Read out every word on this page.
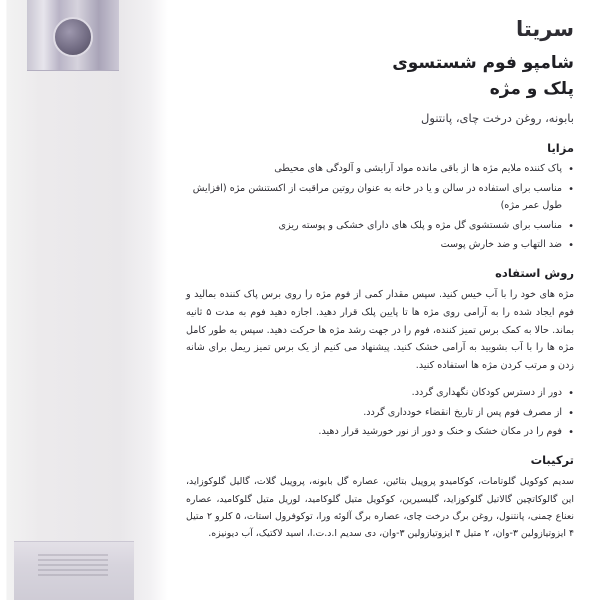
سریتا
شامپو فوم شستسوی
پلک و مژه
بابونه، روغن درخت چای، پانتنول
مزایا
• پاک کننده ملایم مژه ها از باقی مانده مواد آرایشی و آلودگی های محیطی
• مناسب برای استفاده در سالن و یا در خانه به عنوان روتین مراقبت از اکستنشن مژه (افزایش طول عمر مژه)
• مناسب برای شستشوی گل مژه و پلک های دارای خشکی و پوسته ریزی
• ضد التهاب و ضد خارش پوست
روش استفاده

مژه های خود را با آب خیس کنید. سپس مقدار کمی از فوم مژه را روی برس پاک کننده بمالید و فوم ایجاد شده را به آرامی روی مژه ها تا پایین پلک قرار دهید. اجازه دهید فوم به مدت ۵ ثانیه بماند. حالا به کمک برس تمیز کننده، فوم را در جهت رشد مژه ها حرکت دهید. سپس به طور کامل مژه ها را با آب بشویید به آرامی خشک کنید. پیشنهاد می کنیم از یک برس تمیز ریمل برای شانه زدن و مرتب کردن مژه ها استفاده کنید.

• دور از دسترس کودکان نگهداری گردد.
• از مصرف فوم پس از تاریخ انقضاء خودداری گردد.
• فوم را در مکان خشک و خنک و دور از نور خورشید قرار دهید.
ترکیبات

سدیم کوکویل گلوتامات، کوکامیدو پروپیل بتائین، عصاره گل بابونه، پروپیل گلات، گالیل گلوکوزاید، این گالوکاتچین گالاتیل گلوکوزاید، گلیسیرین، کوکویل متیل گلوکامید، لوریل متیل گلوکامید، عصاره نعناع چمنی، پانتنول، روغن برگ درخت چای، عصاره برگ آلوئه ورا، توکوفرول استات، ۵ کلرو ۲ متیل ۴ ایزوتیازولین ۳-وان، ۲ متیل ۴ ایزوتیازولین ۳-وان، دی سدیم ا.د.ت.ا، اسید لاکتیک، آب دیونیزه.
